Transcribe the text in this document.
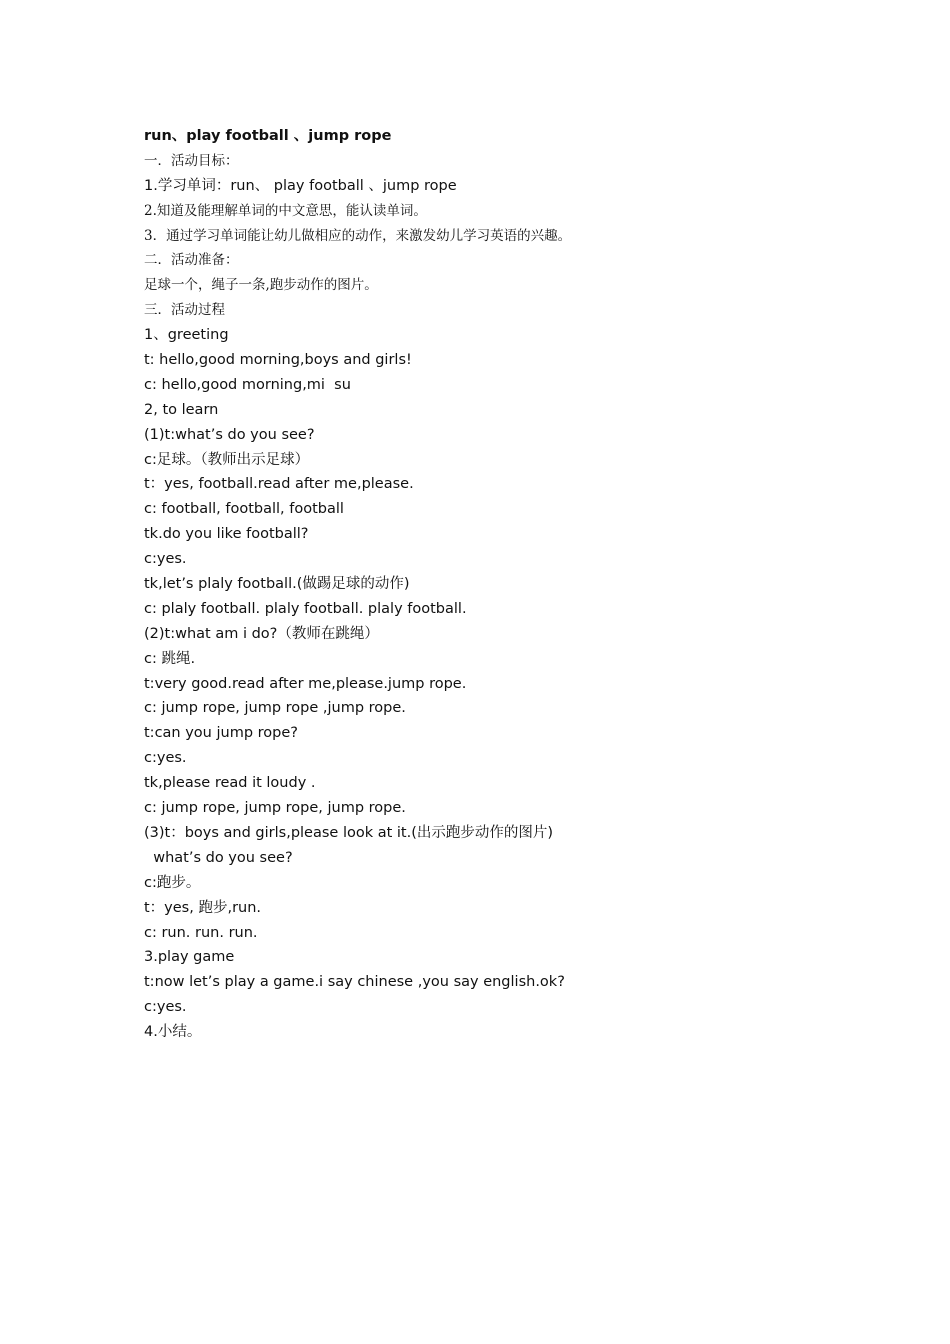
run、play football 、jump rope
一．活动目标：
1.学习单词：run、 play football 、jump rope
2.知道及能理解单词的中文意思，能认读单词。
3．通过学习单词能让幼儿做相应的动作，来激发幼儿学习英语的兴趣。
二．活动准备：
足球一个，绳子一条,跑步动作的图片。
三．活动过程
1、greeting
t: hello,good morning,boys and girls!
c: hello,good morning,mi  su
2, to learn
(1)t:what’s do you see?
c:足球。（教师出示足球）
t：yes, football.read after me,please.
c: football, football, football
tk.do you like football?
c:yes.
tk,let’s plaly football.(做踢足球的动作)
c: plaly football. plaly football. plaly football.
(2)t:what am i do?（教师在跳绳）
c: 跳绳.
t:very good.read after me,please.jump rope.
c: jump rope, jump rope ,jump rope.
t:can you jump rope?
c:yes.
tk,please read it loudy .
c: jump rope, jump rope, jump rope.
(3)t：boys and girls,please look at it.(出示跑步动作的图片)
what’s do you see?
c:跑步。
t：yes, 跑步,run.
c: run. run. run.
3.play game
t:now let’s play a game.i say chinese ,you say english.ok?
c:yes.
4.小结。
